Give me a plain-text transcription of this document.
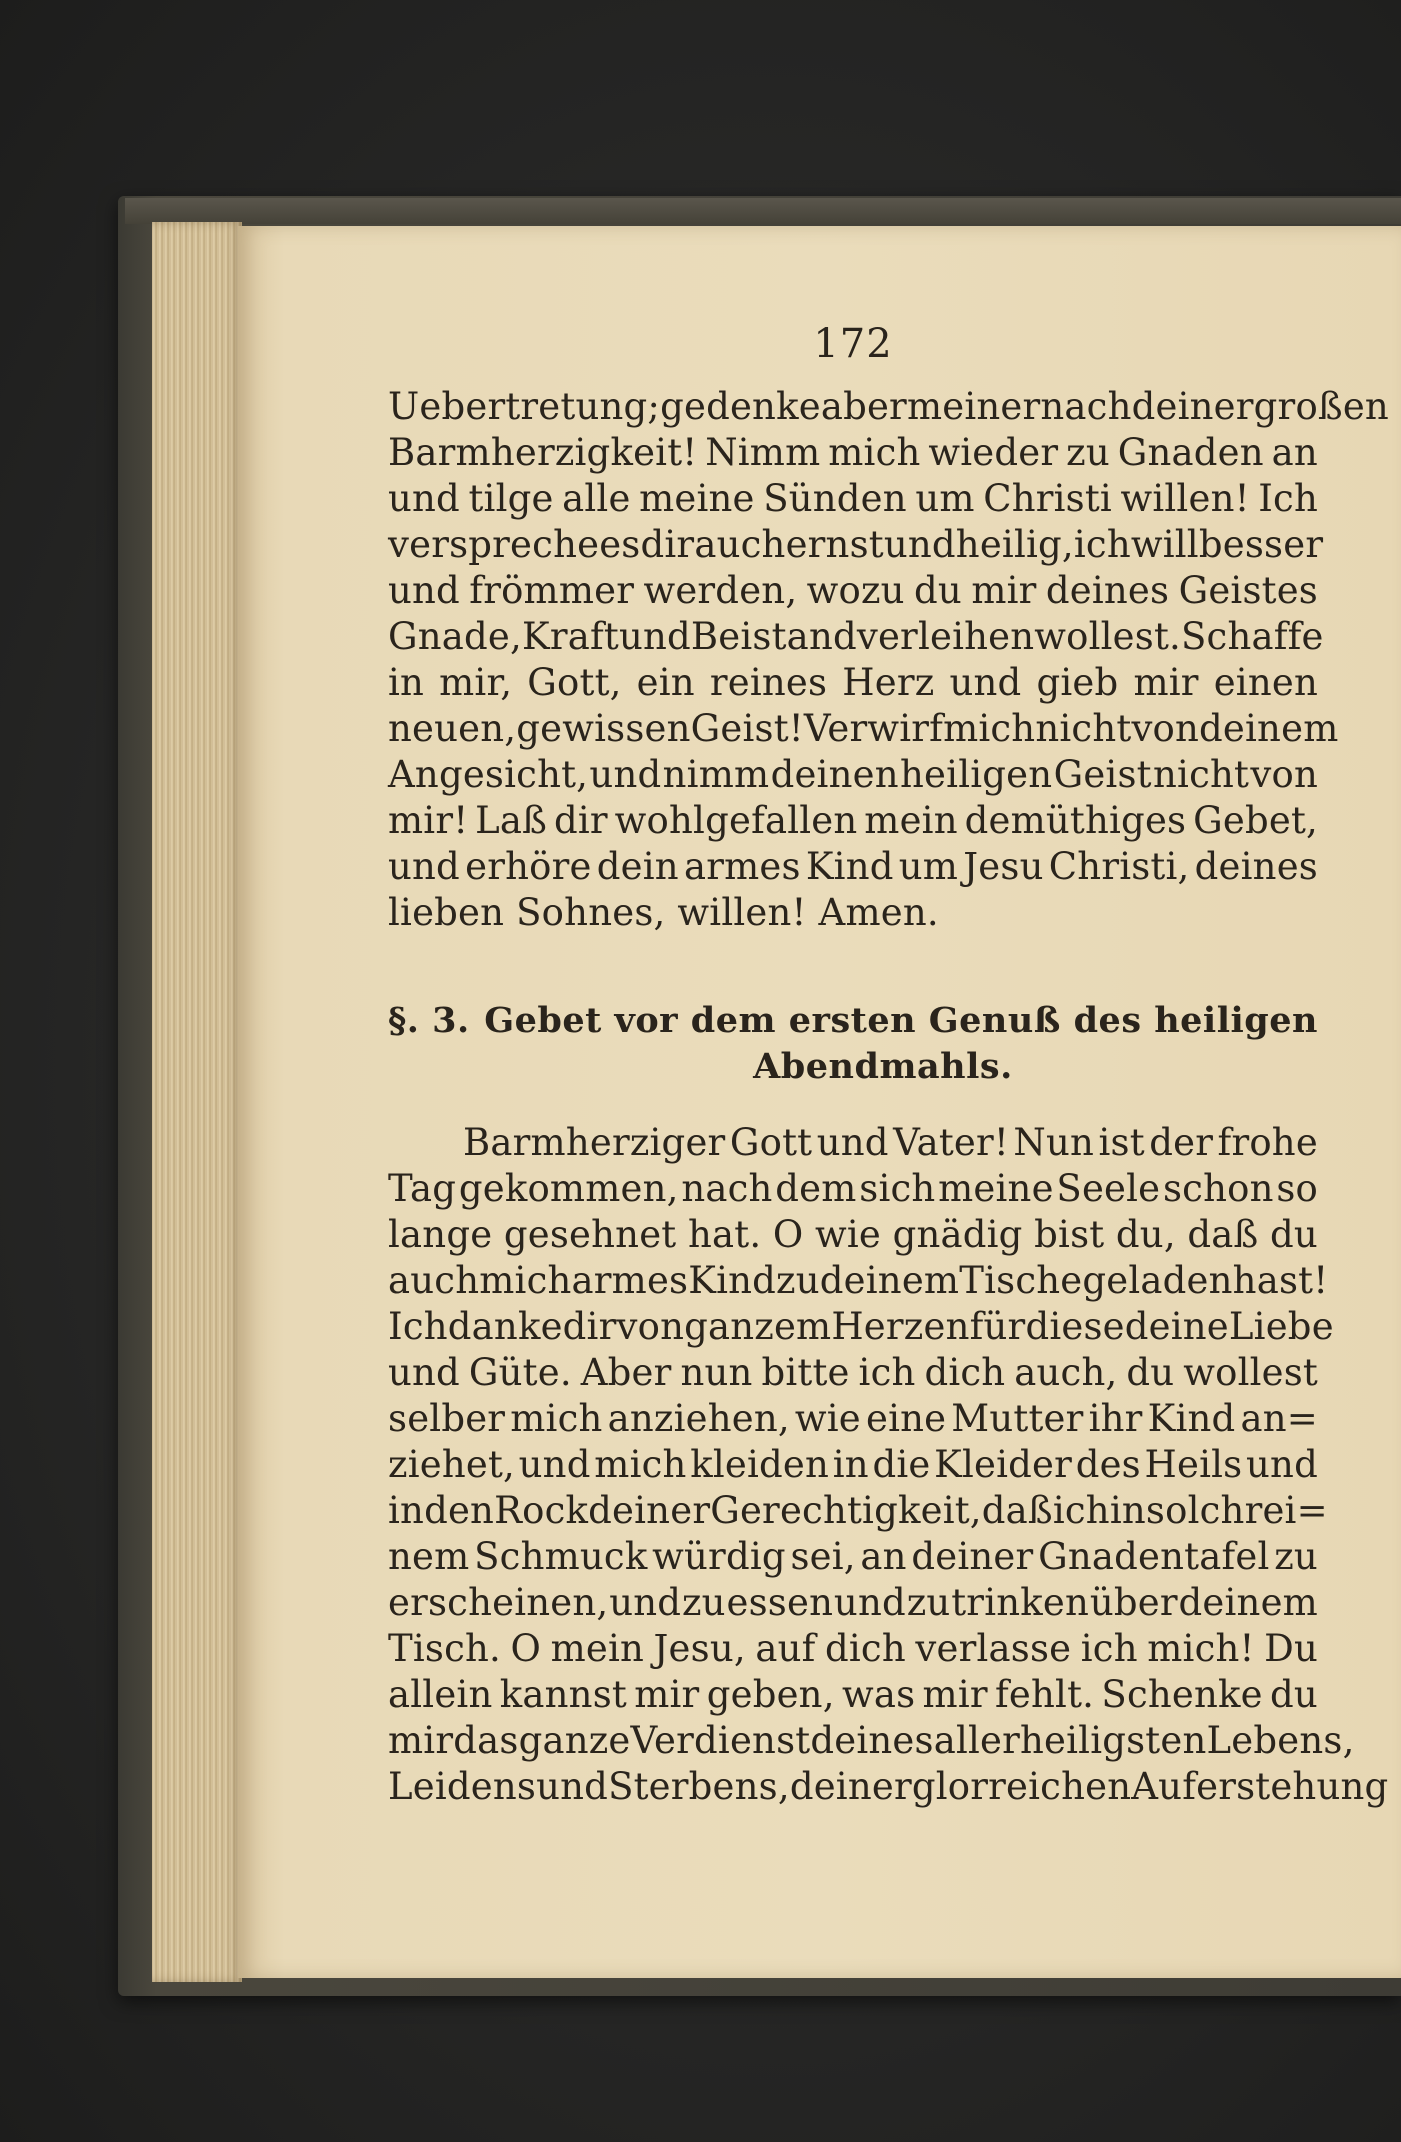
172
Uebertretung; gedenke aber meiner nach deiner großen
Barmherzigkeit! Nimm mich wieder zu Gnaden an
und tilge alle meine Sünden um Christi willen! Ich
verspreche es dir auch ernst und heilig, ich will besser
und frömmer werden, wozu du mir deines Geistes
Gnade, Kraft und Beistand verleihen wollest. Schaffe
in mir, Gott, ein reines Herz und gieb mir einen
neuen, gewissen Geist! Verwirf mich nicht von deinem
Angesicht, und nimm deinen heiligen Geist nicht von
mir! Laß dir wohlgefallen mein demüthiges Gebet,
und erhöre dein armes Kind um Jesu Christi, deines
lieben Sohnes, willen! Amen.
§. 3. Gebet vor dem ersten Genuß des heiligen
Abendmahls.
Barmherziger Gott und Vater! Nun ist der frohe
Tag gekommen, nach dem sich meine Seele schon so
lange gesehnet hat. O wie gnädig bist du, daß du
auch mich armes Kind zu deinem Tische geladen hast!
Ich danke dir von ganzem Herzen für diese deine Liebe
und Güte. Aber nun bitte ich dich auch, du wollest
selber mich anziehen, wie eine Mutter ihr Kind an=
ziehet, und mich kleiden in die Kleider des Heils und
in den Rock deiner Gerechtigkeit, daß ich in solch rei=
nem Schmuck würdig sei, an deiner Gnadentafel zu
erscheinen, und zu essen und zu trinken über deinem
Tisch. O mein Jesu, auf dich verlasse ich mich! Du
allein kannst mir geben, was mir fehlt. Schenke du
mir das ganze Verdienst deines allerheiligsten Lebens,
Leidens und Sterbens, deiner glorreichen Auferstehung
